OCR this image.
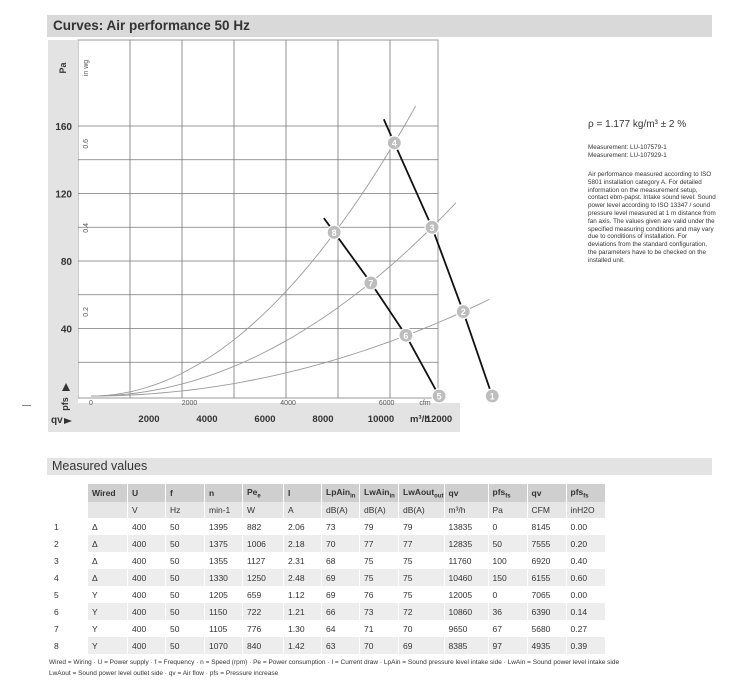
Curves: Air performance 50 Hz
40
80
120
160
0.2
0.4
0.6
Pa in wg
pfs
2000	4000	6000	8000	10000	12000
0	2000	4000	6000	cfm
m³/h
qv
1
2
3
4
5
6
7
8
ρ = 1.177 kg/m³ ± 2 %
Measurement: LU-107579-1
Measurement: LU-107929-1
Air performance measured according to ISO 5801 installation category A. For detailed information on the measurement setup, contact ebm-papst. Intake sound level: Sound power level according to ISO 13347 / sound pressure level measured at 1 m distance from fan axis. The values given are valid under the specified measuring conditions and may vary due to conditions of installation. For deviations from the standard configuration, the parameters have to be checked on the installed unit.
Measured values
	Wired	U	f	n	$Pe_e$	I	LpAin$_{in}$	LwAin$_{in}$	LwAout$_{out}$	qv	pfs$_{fs}$	qv	pfs$_{fs}$
		V	Hz	min-1	W	A	dB(A)	dB(A)	dB(A)	m³/h	Pa	CFM	inH2O
1	Δ	400	50	1395	882	2.06	73	79	79	13835	0	8145	0.00
2	Δ	400	50	1375	1006	2.18	70	77	77	12835	50	7555	0.20
3	Δ	400	50	1355	1127	2.31	68	75	75	11760	100	6920	0.40
4	Δ	400	50	1330	1250	2.48	69	75	75	10460	150	6155	0.60
5	Y	400	50	1205	659	1.12	69	76	75	12005	0	7065	0.00
6	Y	400	50	1150	722	1.21	66	73	72	10860	36	6390	0.14
7	Y	400	50	1105	776	1.30	64	71	70	9650	67	5680	0.27
8	Y	400	50	1070	840	1.42	63	70	69	8385	97	4935	0.39
Wired = Wiring · U = Power supply · f = Frequency · n = Speed (rpm) · Pe = Power consumption · I = Current draw · LpAin = Sound pressure level intake side · LwAin = Sound power level intake side
LwAout = Sound power level outlet side · qv = Air flow · pfs = Pressure increase
